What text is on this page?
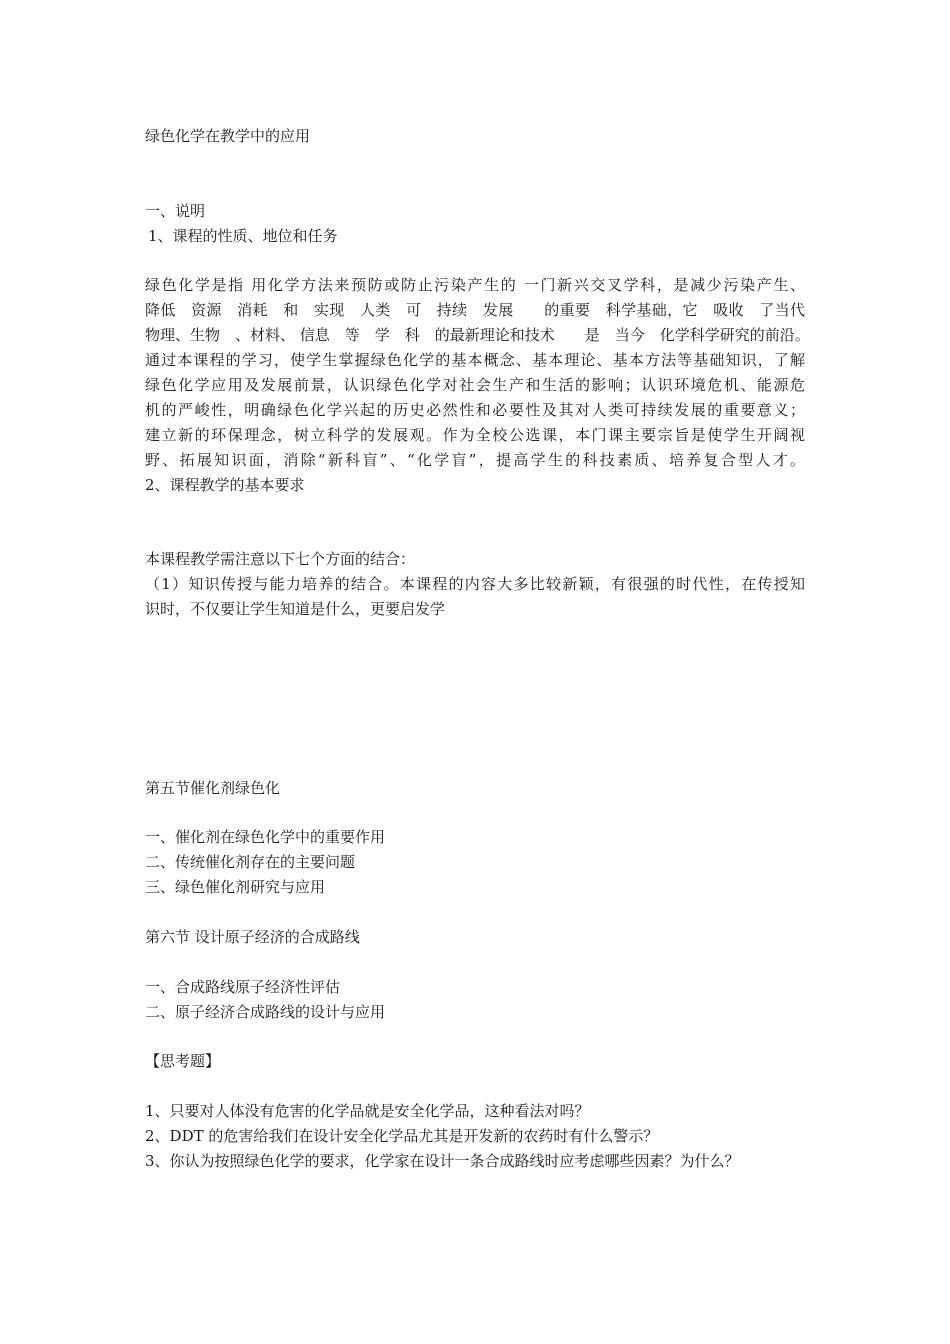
绿色化学在教学中的应用
一、说明
1、课程的性质、地位和任务
绿色化学是指 用化学方法来预防或防止污染产生的 一门新兴交叉学科，是减少污染产生、
降低　资源　消耗　和　实现　人类　可　持续　发展　　的重要　科学基础，它　吸收　了当代
物理、生物　、材料、 信息　等　学　科　的最新理论和技术　　是　当今　化学科学研究的前沿。
通过本课程的学习，使学生掌握绿色化学的基本概念、基本理论、基本方法等基础知识，了解
绿色化学应用及发展前景，认识绿色化学对社会生产和生活的影响；认识环境危机、能源危
机的严峻性，明确绿色化学兴起的历史必然性和必要性及其对人类可持续发展的重要意义；
建立新的环保理念，树立科学的发展观。作为全校公选课，本门课主要宗旨是使学生开阔视
野、拓展知识面，消除“新科盲”、“化学盲”，提高学生的科技素质、培养复合型人才。
2、课程教学的基本要求
本课程教学需注意以下七个方面的结合：
（1）知识传授与能力培养的结合。本课程的内容大多比较新颖，有很强的时代性，在传授知
识时，不仅要让学生知道是什么，更要启发学
第五节催化剂绿色化
一、催化剂在绿色化学中的重要作用
二、传统催化剂存在的主要问题
三、绿色催化剂研究与应用
第六节 设计原子经济的合成路线
一、合成路线原子经济性评估
二、原子经济合成路线的设计与应用
【思考题】
1、只要对人体没有危害的化学品就是安全化学品，这种看法对吗？
2、DDT 的危害给我们在设计安全化学品尤其是开发新的农药时有什么警示？
3、你认为按照绿色化学的要求，化学家在设计一条合成路线时应考虑哪些因素？为什么？
